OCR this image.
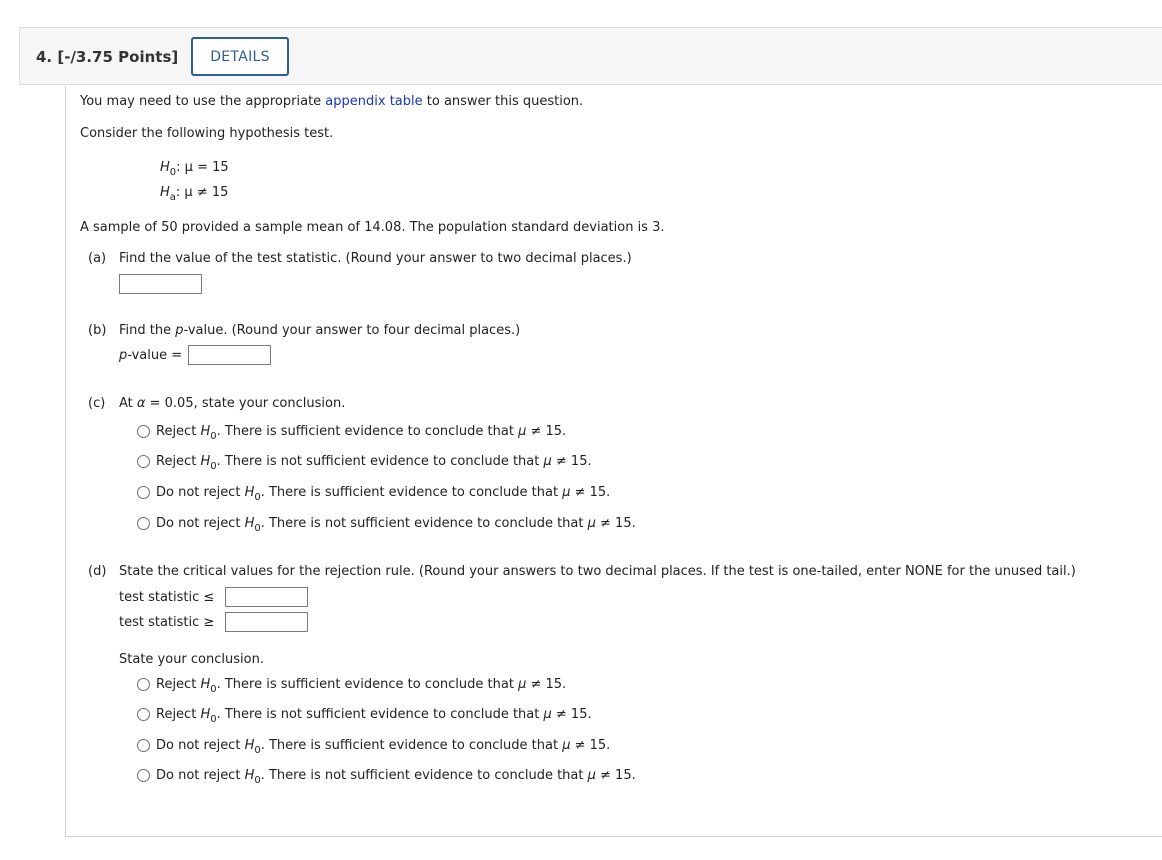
4. [-/3.75 Points]	DETAILS
You may need to use the appropriate appendix table to answer this question.
Consider the following hypothesis test.
$H_0$: μ = 15
$H_a$: μ ≠ 15
A sample of 50 provided a sample mean of 14.08. The population standard deviation is 3.
(a) Find the value of the test statistic. (Round your answer to two decimal places.)
(b) Find the p-value. (Round your answer to four decimal places.)
p-value =
(c) At α = 0.05, state your conclusion.
Reject $H_0$. There is sufficient evidence to conclude that μ ≠ 15.
Reject $H_0$. There is not sufficient evidence to conclude that μ ≠ 15.
Do not reject $H_0$. There is sufficient evidence to conclude that μ ≠ 15.
Do not reject $H_0$. There is not sufficient evidence to conclude that μ ≠ 15.
(d) State the critical values for the rejection rule. (Round your answers to two decimal places. If the test is one-tailed, enter NONE for the unused tail.)
test statistic ≤
test statistic ≥
State your conclusion.
Reject $H_0$. There is sufficient evidence to conclude that μ ≠ 15.
Reject $H_0$. There is not sufficient evidence to conclude that μ ≠ 15.
Do not reject $H_0$. There is sufficient evidence to conclude that μ ≠ 15.
Do not reject $H_0$. There is not sufficient evidence to conclude that μ ≠ 15.
